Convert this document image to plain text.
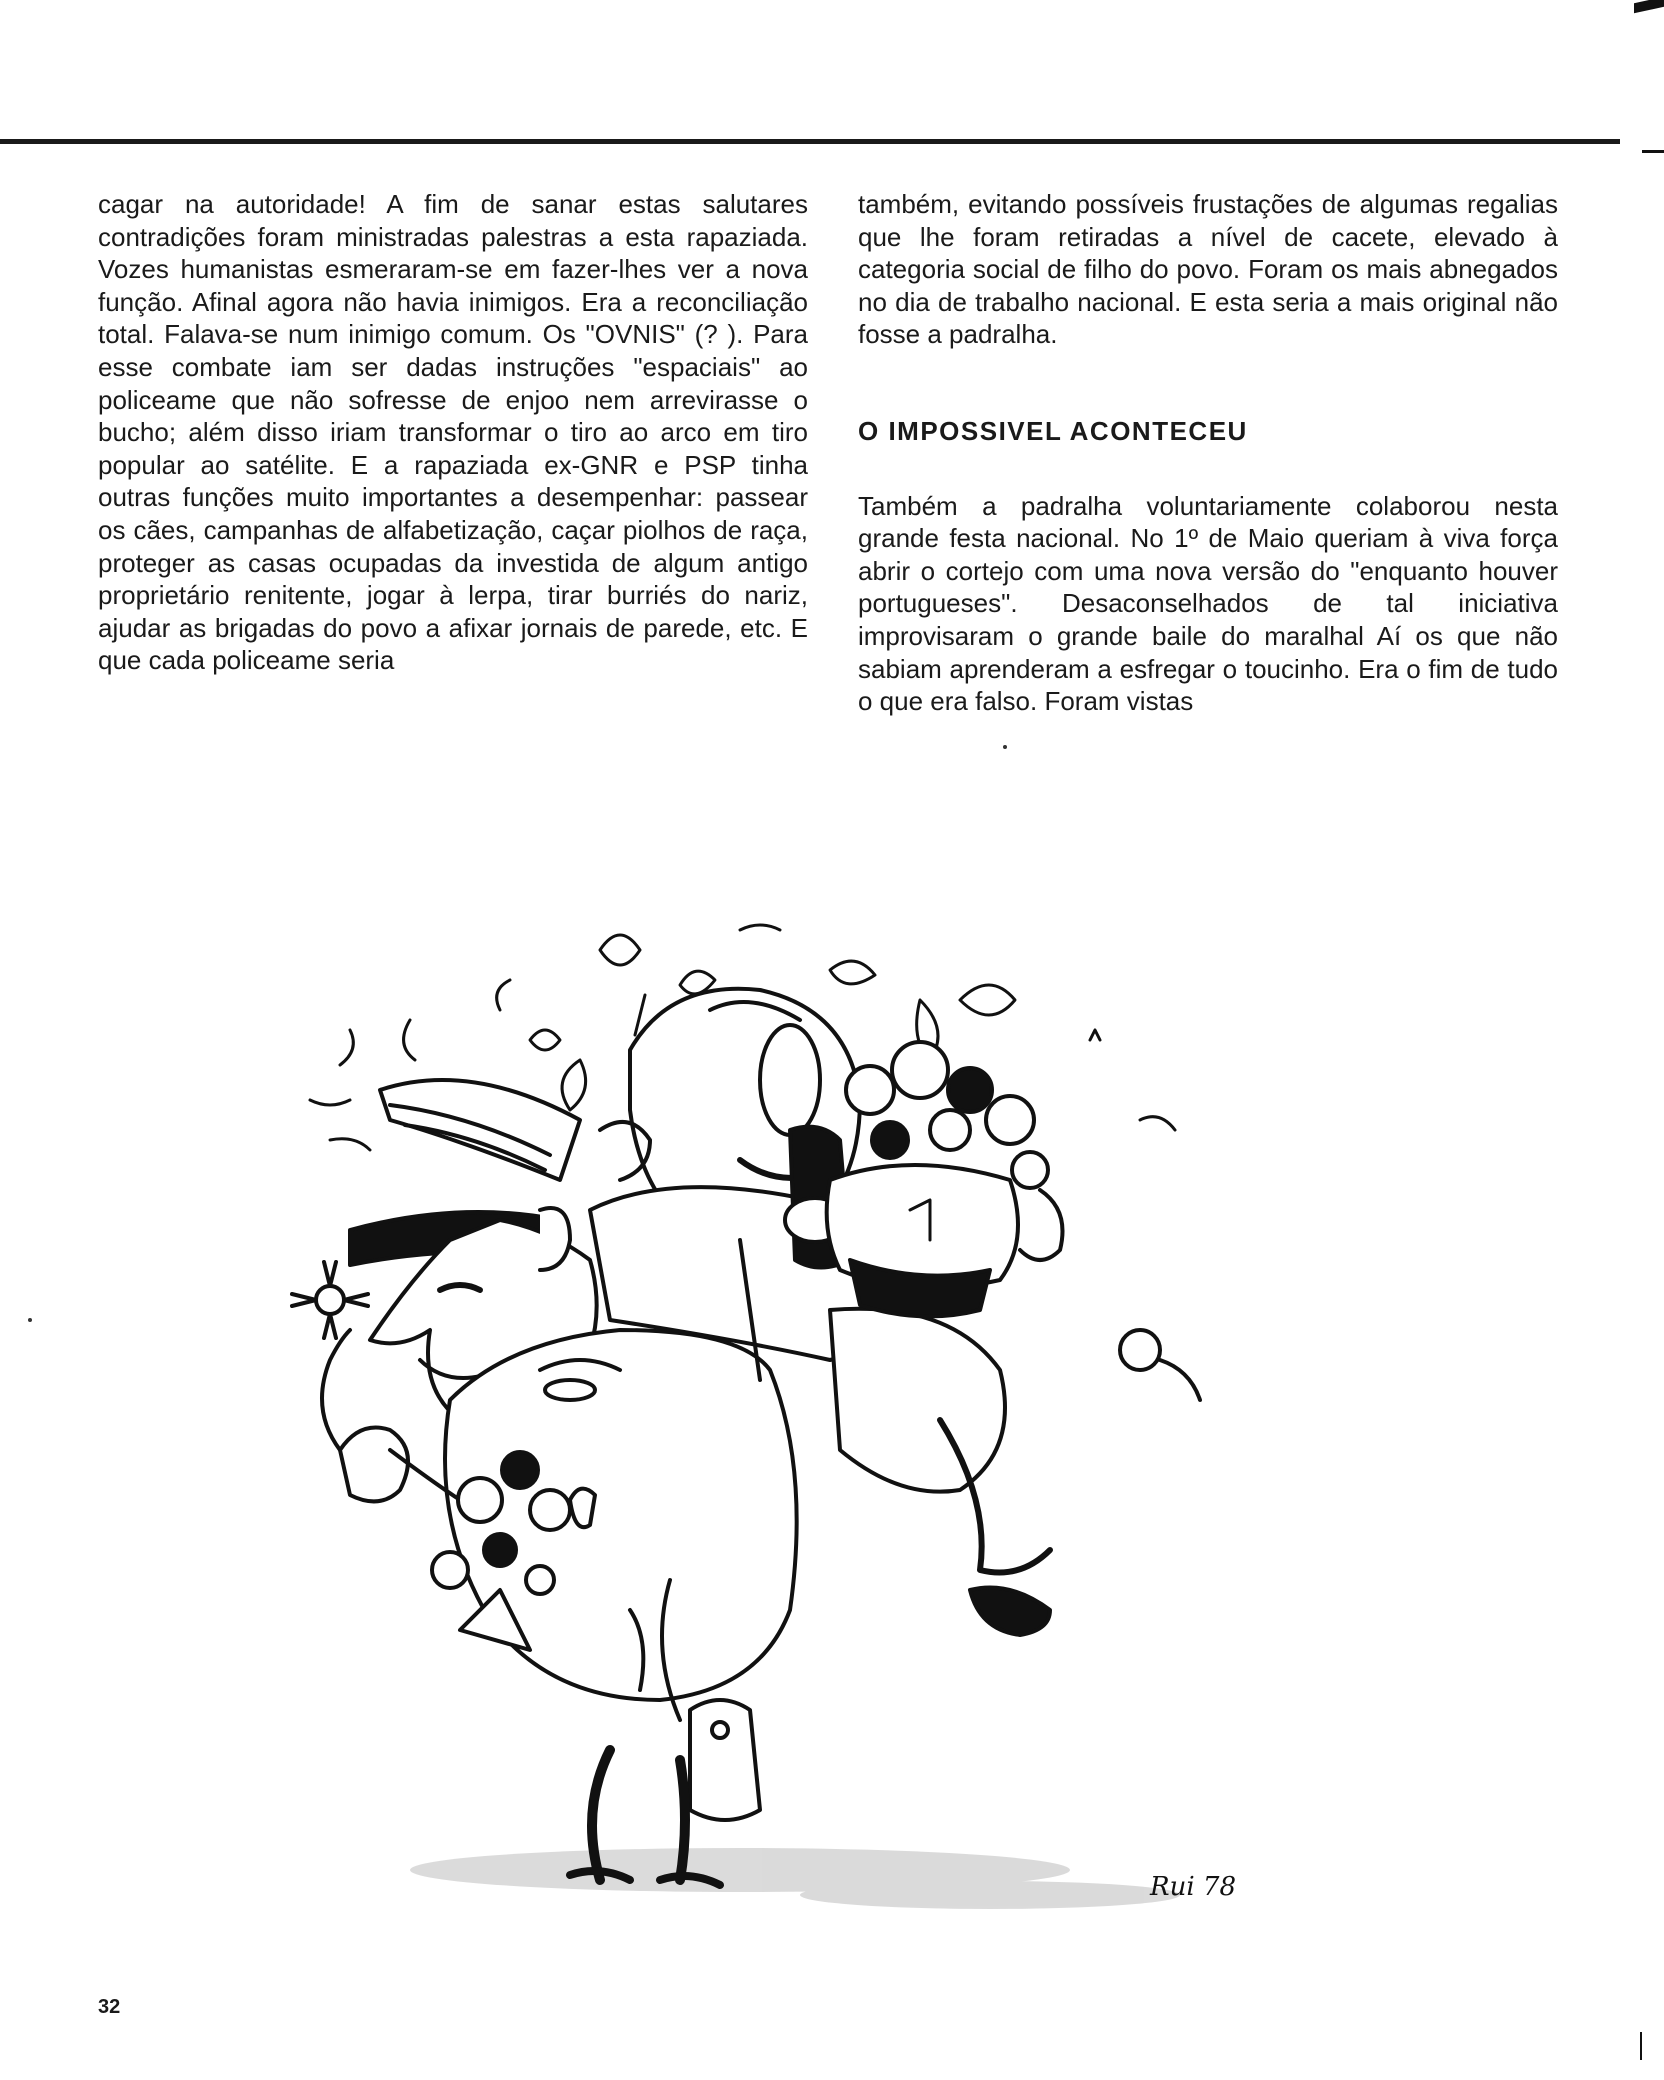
cagar na autoridade! A fim de sanar estas salutares contradições foram ministradas palestras a esta rapaziada. Vozes humanistas esmeraram-se em fazer-lhes ver a nova função. Afinal agora não havia inimigos. Era a reconciliação total. Falava-se num inimigo comum. Os "OVNIS" (? ). Para esse combate iam ser dadas instruções "espaciais" ao policeame que não sofresse de enjoo nem arrevirasse o bucho; além disso iriam transformar o tiro ao arco em tiro popular ao satélite. E a rapaziada ex-GNR e PSP tinha outras funções muito importantes a desempenhar: passear os cães, campanhas de alfabetização, caçar piolhos de raça, proteger as casas ocupadas da investida de algum antigo proprietário renitente, jogar à lerpa, tirar burriés do nariz, ajudar as brigadas do povo a afixar jornais de parede, etc. E que cada policeame seria

também, evitando possíveis frustações de algumas regalias que lhe foram retiradas a nível de cacete, elevado à categoria social de filho do povo. Foram os mais abnegados no dia de trabalho nacional. E esta seria a mais original não fosse a padralha.

O IMPOSSIVEL ACONTECEU

Também a padralha voluntariamente colaborou nesta grande festa nacional. No 1º de Maio queriam à viva força abrir o cortejo com uma nova versão do "enquanto houver portugueses". Desaconselhados de tal iniciativa improvisaram o grande baile do maralhal Aí os que não sabiam aprenderam a esfregar o toucinho. Era o fim de tudo o que era falso. Foram vistas

Rui 78
32
